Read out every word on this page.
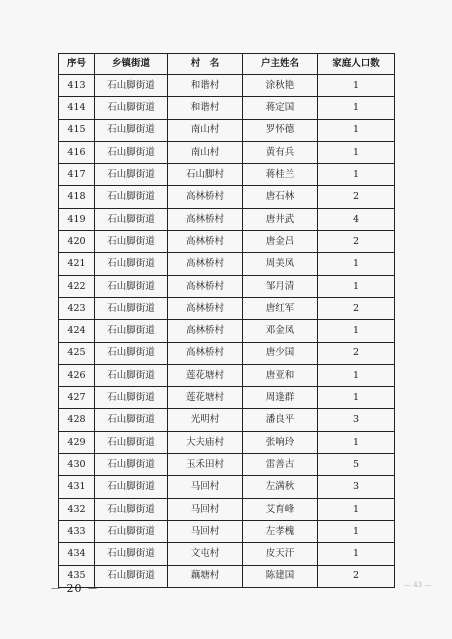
序号	乡镇街道	村　名	户主姓名	家庭人口数
413	石山脚街道	和谐村	涂秋艳	1
414	石山脚街道	和谐村	蒋定国	1
415	石山脚街道	南山村	罗怀德	1
416	石山脚街道	南山村	黄有兵	1
417	石山脚街道	石山脚村	蒋桂兰	1
418	石山脚街道	高林桥村	唐石林	2
419	石山脚街道	高林桥村	唐井武	4
420	石山脚街道	高林桥村	唐金吕	2
421	石山脚街道	高林桥村	周美凤	1
422	石山脚街道	高林桥村	邹月清	1
423	石山脚街道	高林桥村	唐红军	2
424	石山脚街道	高林桥村	邓金凤	1
425	石山脚街道	高林桥村	唐少国	2
426	石山脚街道	莲花塘村	唐亚和	1
427	石山脚街道	莲花塘村	周逢群	1
428	石山脚街道	光明村	潘良平	3
429	石山脚街道	大夫庙村	张响玲	1
430	石山脚街道	玉禾田村	雷善古	5
431	石山脚街道	马回村	左满秋	3
432	石山脚街道	马回村	艾育峰	1
433	石山脚街道	马回村	左孝槐	1
434	石山脚街道	文屯村	皮天汗	1
435	石山脚街道	藕塘村	陈建国	2
－ 20 －	— 43 —
